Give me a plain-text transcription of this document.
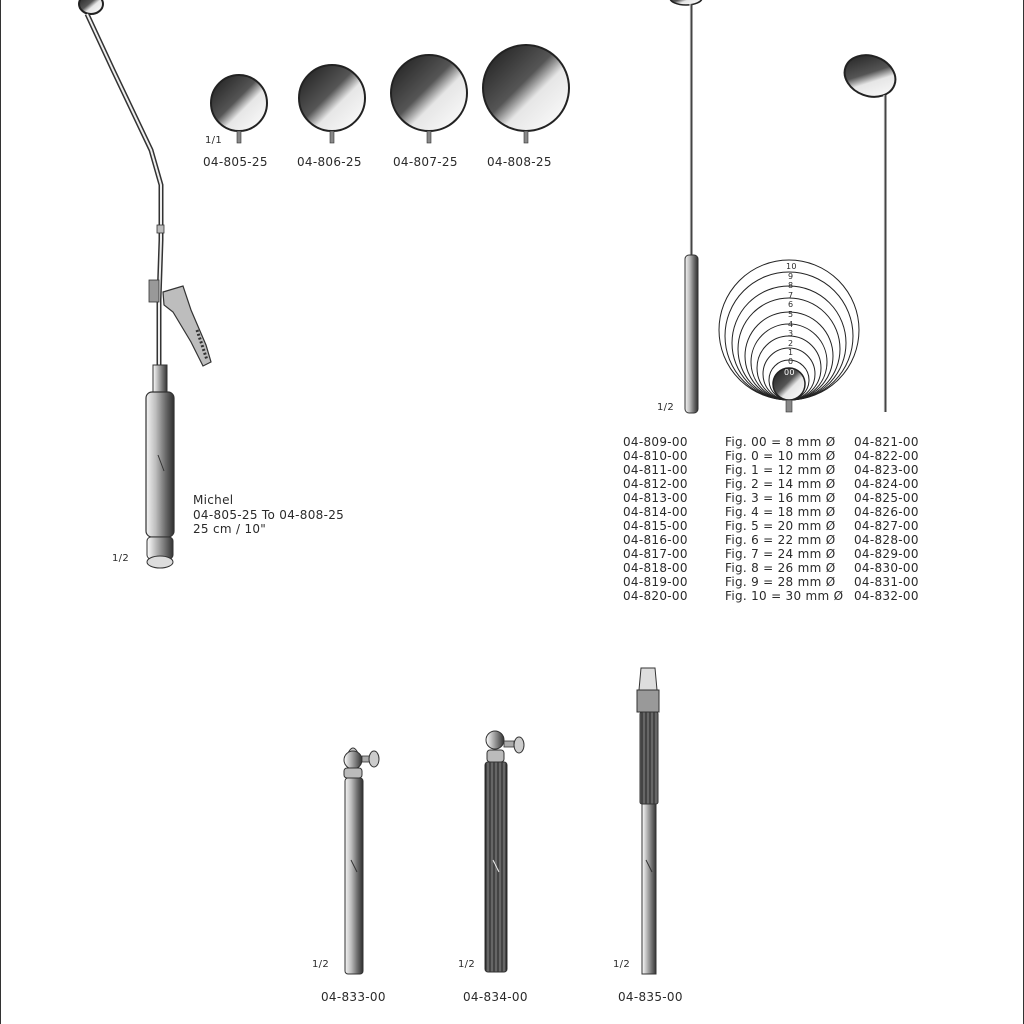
10
9
8
7
6
5
4
3
2
1
0
00
1/1
04-805-25 04-806-25	04-807-25 04-808-25
Michel
04-805-25 To 04-808-25
25 cm / 10"
1/2
1/2
04-809-00	Fig. 00 = 8 mm Ø 04-821-00
04-810-00	Fig. 0 = 10 mm Ø 04-822-00
04-811-00	Fig. 1 = 12 mm Ø 04-823-00
04-812-00	Fig. 2 = 14 mm Ø 04-824-00
04-813-00	Fig. 3 = 16 mm Ø 04-825-00
04-814-00	Fig. 4 = 18 mm Ø 04-826-00
04-815-00	Fig. 5 = 20 mm Ø 04-827-00
04-816-00	Fig. 6 = 22 mm Ø 04-828-00
04-817-00	Fig. 7 = 24 mm Ø 04-829-00
04-818-00	Fig. 8 = 26 mm Ø 04-830-00
04-819-00	Fig. 9 = 28 mm Ø 04-831-00
04-820-00	Fig. 10 = 30 mm Ø 04-832-00
1/2
04-833-00
1/2
04-834-00
1/2
04-835-00
